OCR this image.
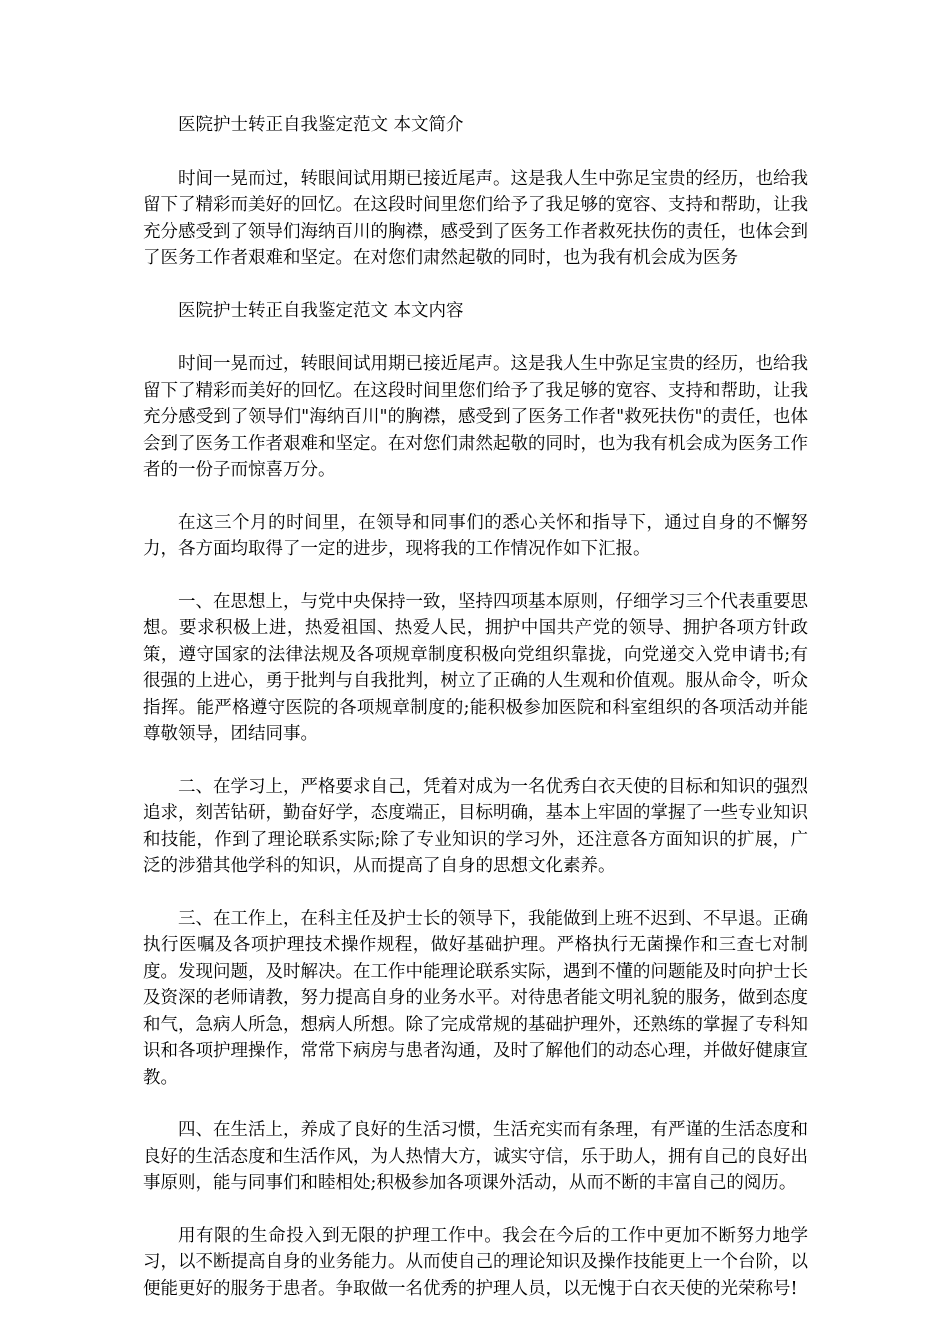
医院护士转正自我鉴定范文 本文简介

时间一晃而过，转眼间试用期已接近尾声。这是我人生中弥足宝贵的经历，也给我留下了精彩而美好的回忆。在这段时间里您们给予了我足够的宽容、支持和帮助，让我充分感受到了领导们海纳百川的胸襟，感受到了医务工作者救死扶伤的责任，也体会到了医务工作者艰难和坚定。在对您们肃然起敬的同时，也为我有机会成为医务

医院护士转正自我鉴定范文 本文内容

时间一晃而过，转眼间试用期已接近尾声。这是我人生中弥足宝贵的经历，也给我留下了精彩而美好的回忆。在这段时间里您们给予了我足够的宽容、支持和帮助，让我充分感受到了领导们"海纳百川"的胸襟，感受到了医务工作者"救死扶伤"的责任，也体会到了医务工作者艰难和坚定。在对您们肃然起敬的同时，也为我有机会成为医务工作者的一份子而惊喜万分。

在这三个月的时间里，在领导和同事们的悉心关怀和指导下，通过自身的不懈努力，各方面均取得了一定的进步，现将我的工作情况作如下汇报。

一、在思想上，与党中央保持一致，坚持四项基本原则，仔细学习三个代表重要思想。要求积极上进，热爱祖国、热爱人民，拥护中国共产党的领导、拥护各项方针政策，遵守国家的法律法规及各项规章制度积极向党组织靠拢，向党递交入党申请书;有很强的上进心，勇于批判与自我批判，树立了正确的人生观和价值观。服从命令，听众指挥。能严格遵守医院的各项规章制度的;能积极参加医院和科室组织的各项活动并能尊敬领导，团结同事。

二、在学习上，严格要求自己，凭着对成为一名优秀白衣天使的目标和知识的强烈追求，刻苦钻研，勤奋好学，态度端正，目标明确，基本上牢固的掌握了一些专业知识和技能，作到了理论联系实际;除了专业知识的学习外，还注意各方面知识的扩展，广泛的涉猎其他学科的知识，从而提高了自身的思想文化素养。

三、在工作上，在科主任及护士长的领导下，我能做到上班不迟到、不早退。正确执行医嘱及各项护理技术操作规程，做好基础护理。严格执行无菌操作和三查七对制度。发现问题，及时解决。在工作中能理论联系实际，遇到不懂的问题能及时向护士长及资深的老师请教，努力提高自身的业务水平。对待患者能文明礼貌的服务，做到态度和气，急病人所急，想病人所想。除了完成常规的基础护理外，还熟练的掌握了专科知识和各项护理操作，常常下病房与患者沟通，及时了解他们的动态心理，并做好健康宣教。

四、在生活上，养成了良好的生活习惯，生活充实而有条理，有严谨的生活态度和良好的生活态度和生活作风，为人热情大方，诚实守信，乐于助人，拥有自己的良好出事原则，能与同事们和睦相处;积极参加各项课外活动，从而不断的丰富自己的阅历。

用有限的生命投入到无限的护理工作中。我会在今后的工作中更加不断努力地学习，以不断提高自身的业务能力。从而使自己的理论知识及操作技能更上一个台阶，以便能更好的服务于患者。争取做一名优秀的护理人员，以无愧于白衣天使的光荣称号!
